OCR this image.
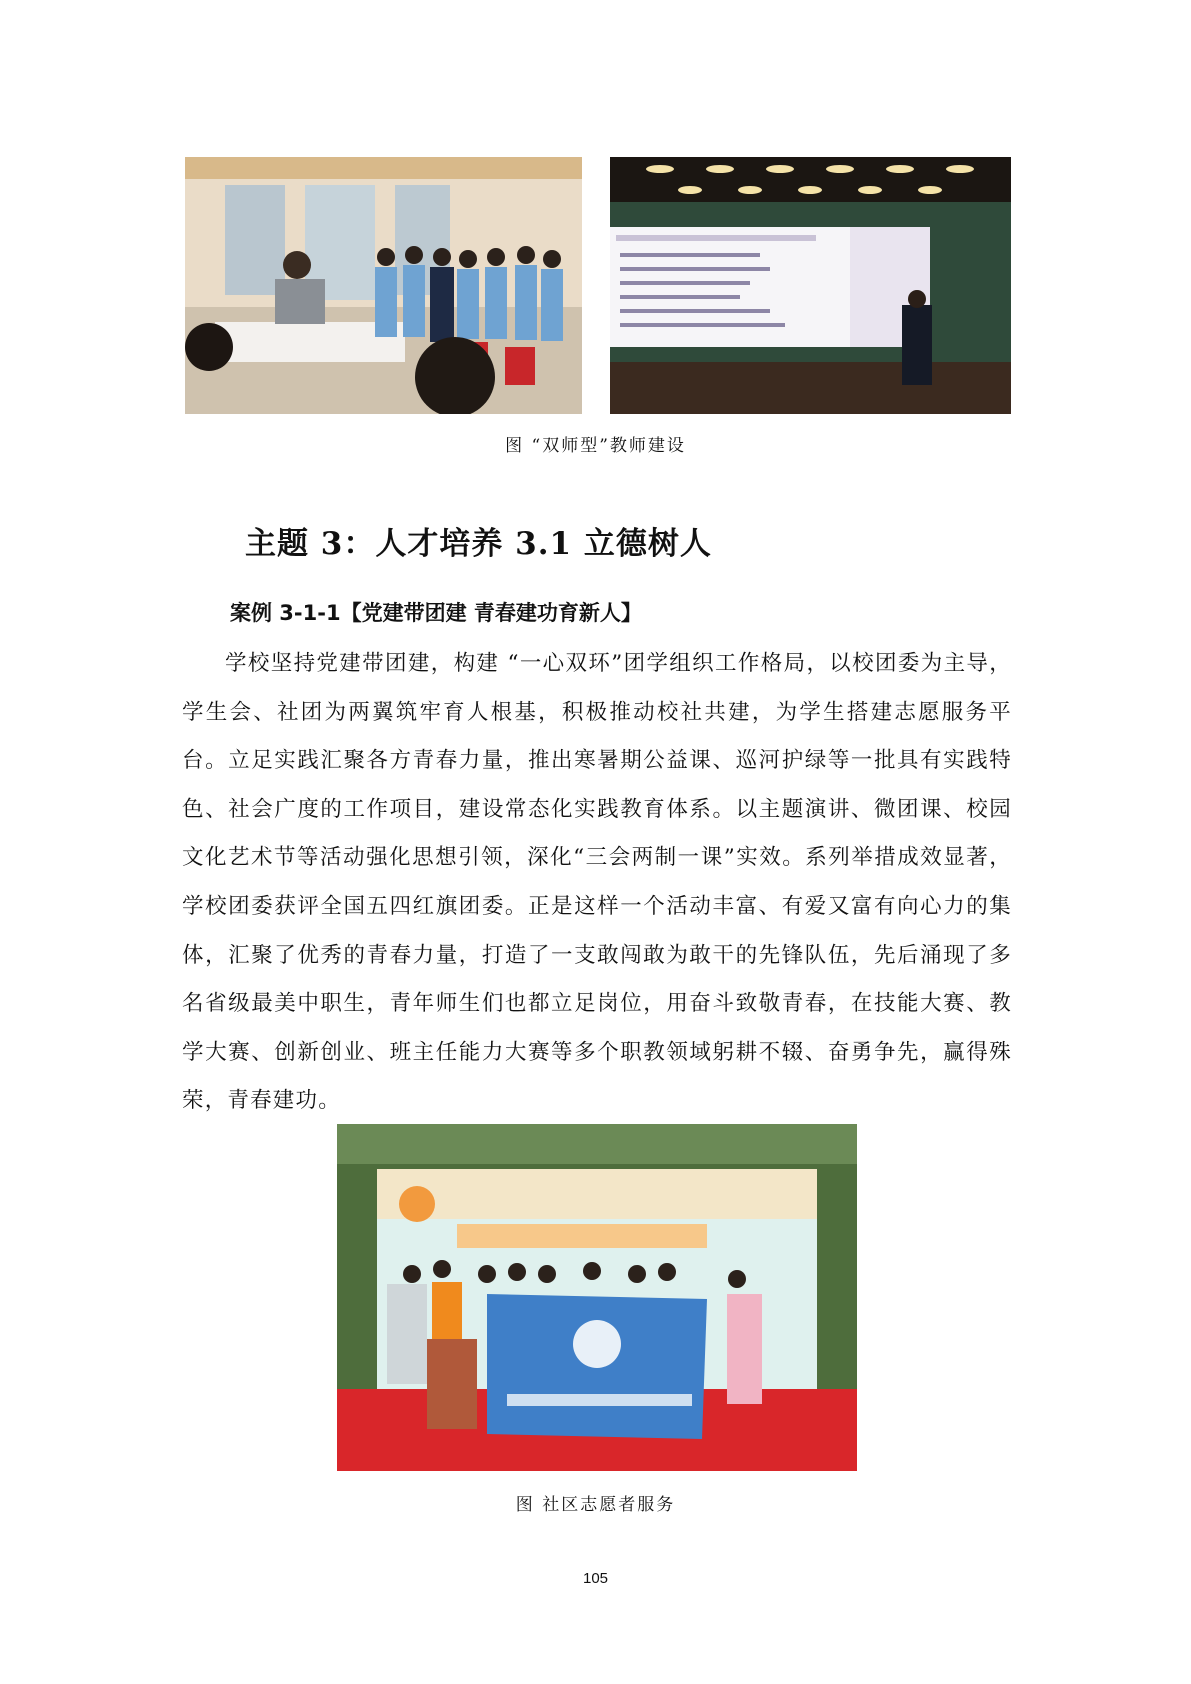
图 “双师型”教师建设
主题 3：人才培养 3.1 立德树人
案例 3-1-1【党建带团建 青春建功育新人】

学校坚持党建带团建，构建 “一心双环”团学组织工作格局，以校团委为主导，学生会、社团为两翼筑牢育人根基，积极推动校社共建，为学生搭建志愿服务平台。立足实践汇聚各方青春力量，推出寒暑期公益课、巡河护绿等一批具有实践特色、社会广度的工作项目，建设常态化实践教育体系。以主题演讲、微团课、校园文化艺术节等活动强化思想引领，深化“三会两制一课”实效。系列举措成效显著，学校团委获评全国五四红旗团委。正是这样一个活动丰富、有爱又富有向心力的集体，汇聚了优秀的青春力量，打造了一支敢闯敢为敢干的先锋队伍，先后涌现了多名省级最美中职生，青年师生们也都立足岗位，用奋斗致敬青春，在技能大赛、教学大赛、创新创业、班主任能力大赛等多个职教领域躬耕不辍、奋勇争先，赢得殊荣，青春建功。

图 社区志愿者服务
105
